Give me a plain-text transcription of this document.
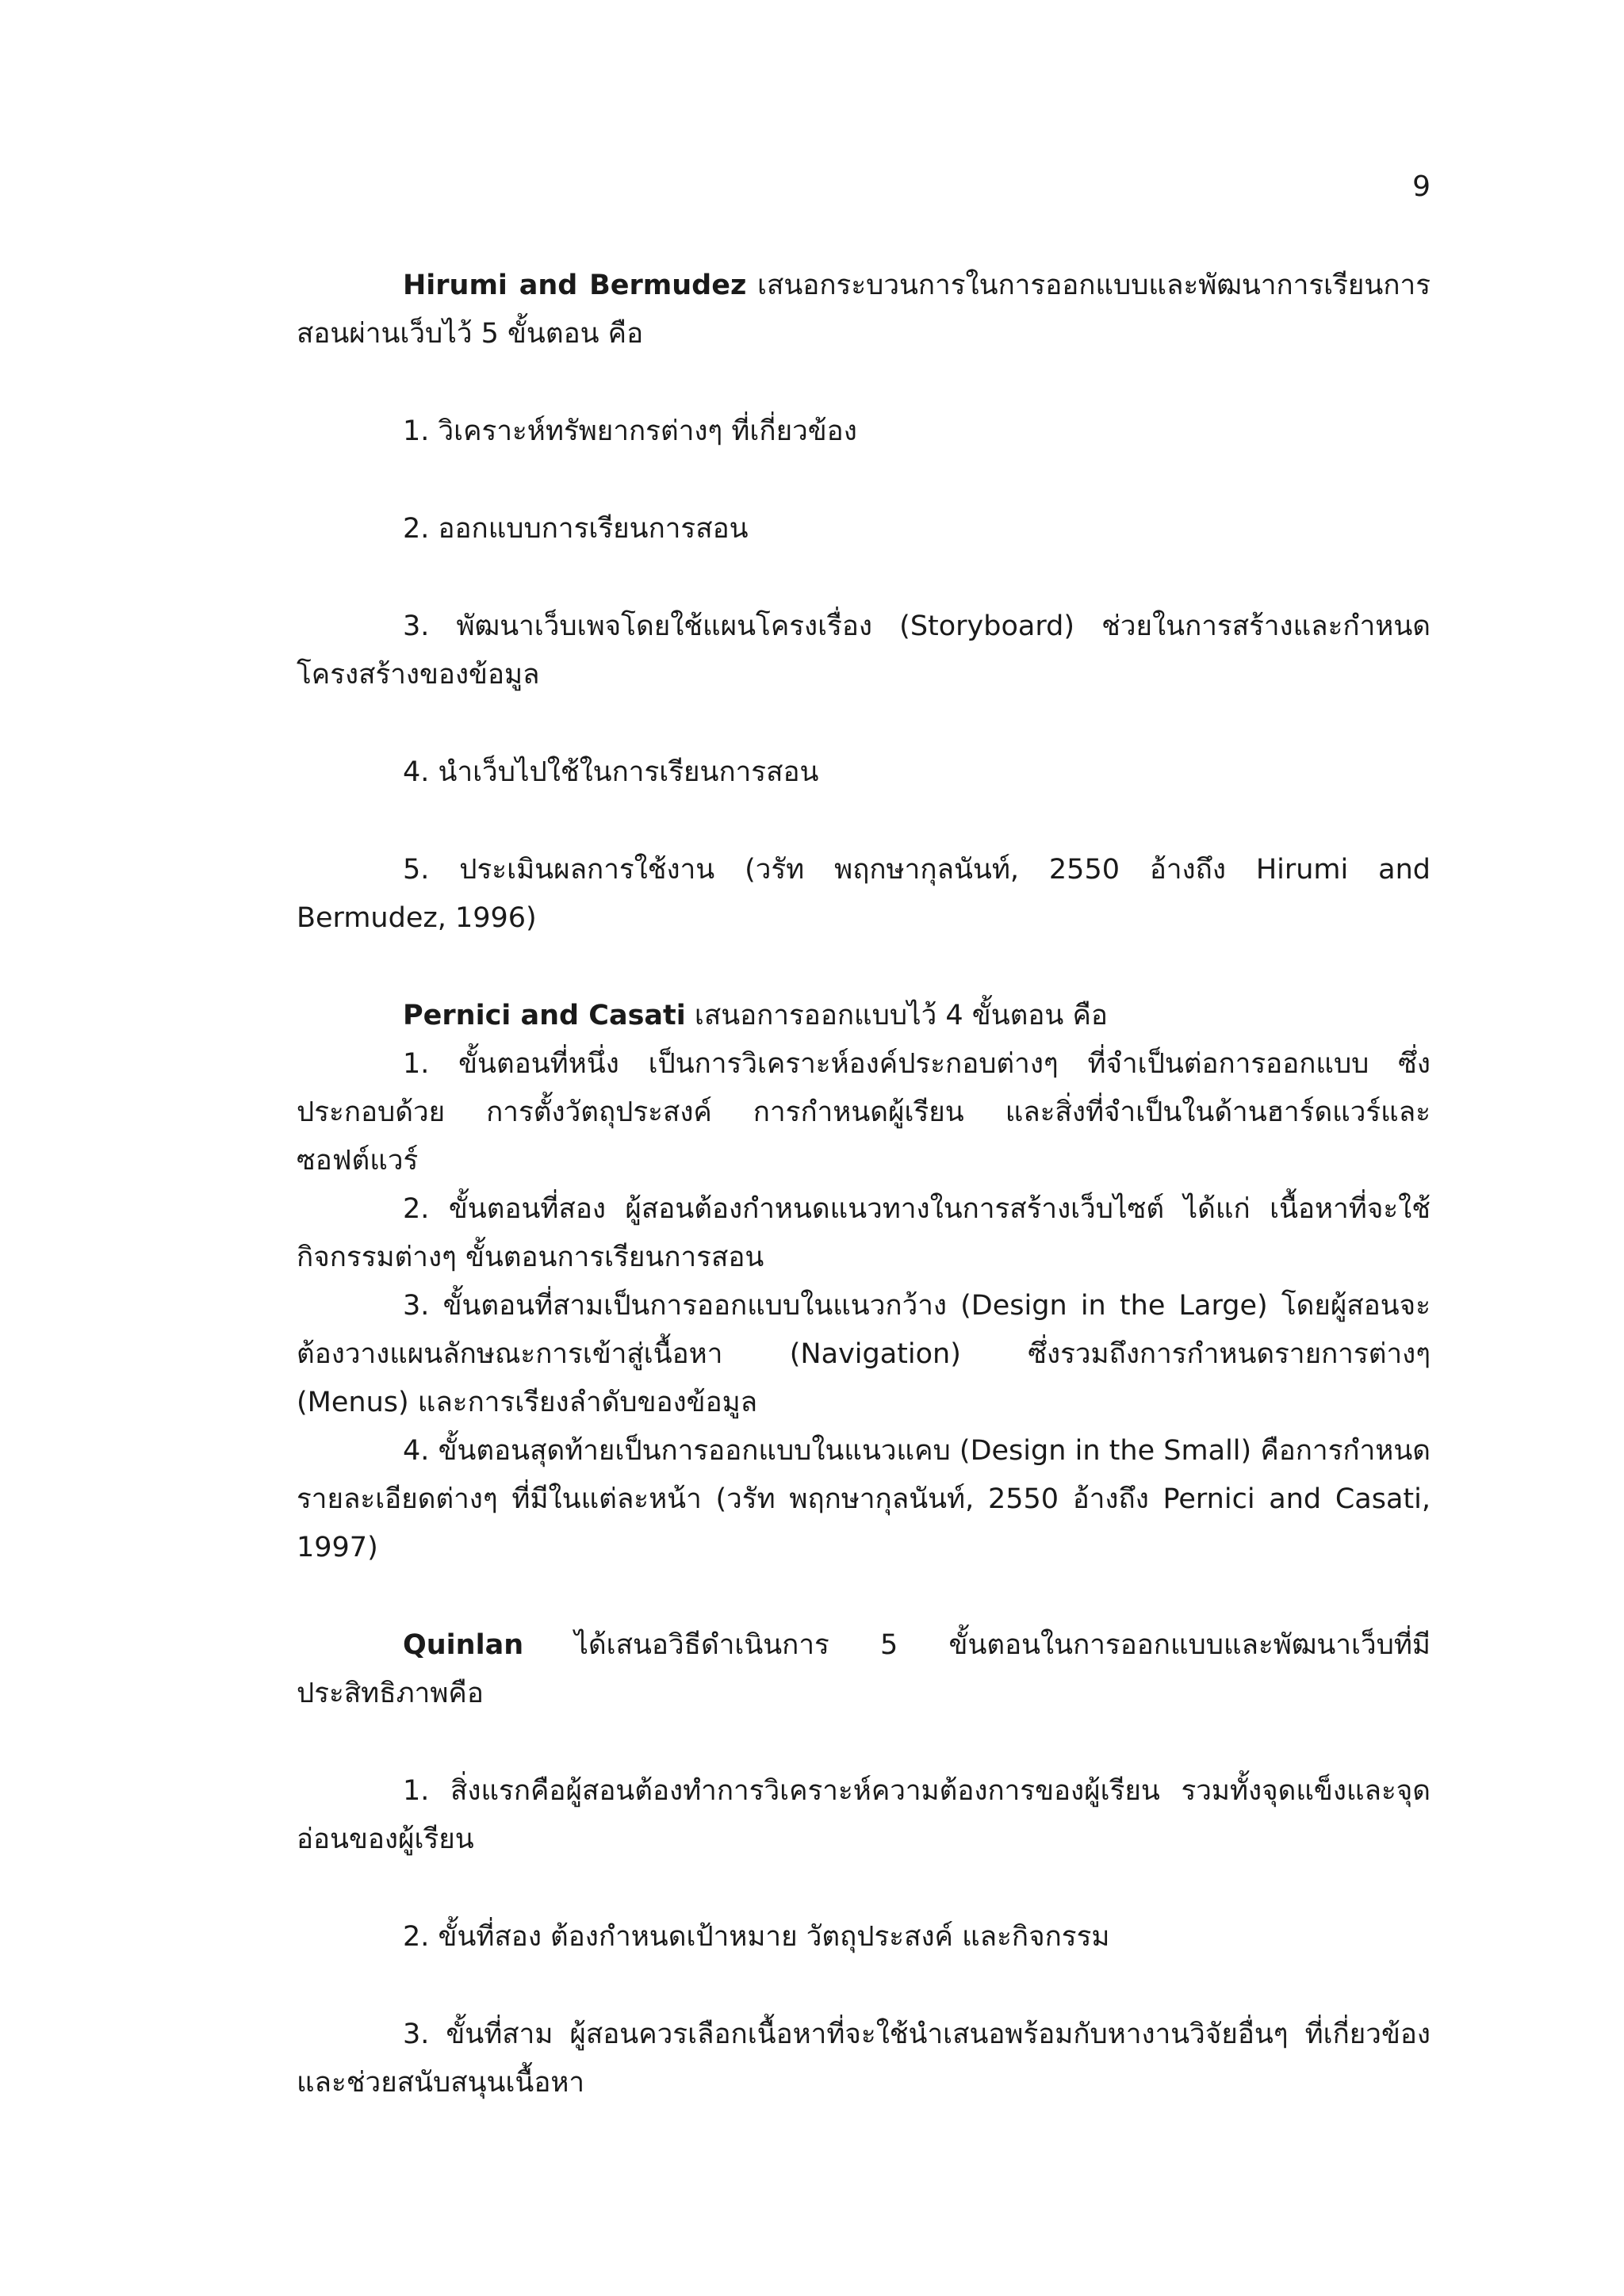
9

Hirumi and Bermudez เสนอกระบวนการในการออกแบบและพัฒนาการเรียนการสอนผ่านเว็บไว้ 5 ขั้นตอน คือ

1. วิเคราะห์ทรัพยากรต่างๆ ที่เกี่ยวข้อง

2. ออกแบบการเรียนการสอน

3. พัฒนาเว็บเพจโดยใช้แผนโครงเรื่อง (Storyboard) ช่วยในการสร้างและกำหนดโครงสร้างของข้อมูล

4. นำเว็บไปใช้ในการเรียนการสอน

5. ประเมินผลการใช้งาน (วรัท พฤกษากุลนันท์, 2550 อ้างถึง Hirumi and Bermudez, 1996)

Pernici and Casati เสนอการออกแบบไว้ 4 ขั้นตอน คือ

1. ขั้นตอนที่หนึ่ง เป็นการวิเคราะห์องค์ประกอบต่างๆ ที่จำเป็นต่อการออกแบบ ซึ่งประกอบด้วย การตั้งวัตถุประสงค์ การกำหนดผู้เรียน และสิ่งที่จำเป็นในด้านฮาร์ดแวร์และซอฟต์แวร์

2. ขั้นตอนที่สอง ผู้สอนต้องกำหนดแนวทางในการสร้างเว็บไซต์ ได้แก่ เนื้อหาที่จะใช้กิจกรรมต่างๆ ขั้นตอนการเรียนการสอน

3. ขั้นตอนที่สามเป็นการออกแบบในแนวกว้าง (Design in the Large) โดยผู้สอนจะต้องวางแผนลักษณะการเข้าสู่เนื้อหา (Navigation) ซึ่งรวมถึงการกำหนดรายการต่างๆ (Menus) และการเรียงลำดับของข้อมูล

4. ขั้นตอนสุดท้ายเป็นการออกแบบในแนวแคบ (Design in the Small) คือการกำหนดรายละเอียดต่างๆ ที่มีในแต่ละหน้า (วรัท พฤกษากุลนันท์, 2550 อ้างถึง Pernici and Casati, 1997)

Quinlan ได้เสนอวิธีดำเนินการ 5 ขั้นตอนในการออกแบบและพัฒนาเว็บที่มีประสิทธิภาพคือ

1. สิ่งแรกคือผู้สอนต้องทำการวิเคราะห์ความต้องการของผู้เรียน รวมทั้งจุดแข็งและจุดอ่อนของผู้เรียน

2. ขั้นที่สอง ต้องกำหนดเป้าหมาย วัตถุประสงค์ และกิจกรรม

3. ขั้นที่สาม ผู้สอนควรเลือกเนื้อหาที่จะใช้นำเสนอพร้อมกับหางานวิจัยอื่นๆ ที่เกี่ยวข้องและช่วยสนับสนุนเนื้อหา
